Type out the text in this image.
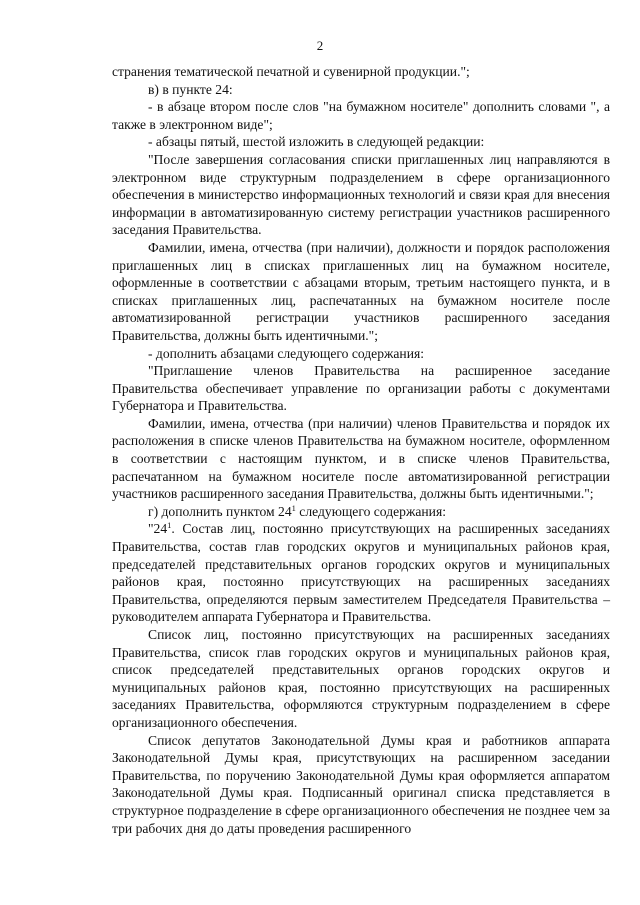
2

странения тематической печатной и сувенирной продукции.";

в) в пункте 24:

- в абзаце втором после слов "на бумажном носителе" дополнить словами ", а также в электронном виде";

- абзацы пятый, шестой изложить в следующей редакции:

"После завершения согласования списки приглашенных лиц направляются в электронном виде структурным подразделением в сфере организационного обеспечения в министерство информационных технологий и связи края для внесения информации в автоматизированную систему регистрации участников расширенного заседания Правительства.

Фамилии, имена, отчества (при наличии), должности и порядок расположения приглашенных лиц в списках приглашенных лиц на бумажном носителе, оформленные в соответствии с абзацами вторым, третьим настоящего пункта, и в списках приглашенных лиц, распечатанных на бумажном носителе после автоматизированной регистрации участников расширенного заседания Правительства, должны быть идентичными.";

- дополнить абзацами следующего содержания:

"Приглашение членов Правительства на расширенное заседание Правительства обеспечивает управление по организации работы с документами Губернатора и Правительства.

Фамилии, имена, отчества (при наличии) членов Правительства и порядок их расположения в списке членов Правительства на бумажном носителе, оформленном в соответствии с настоящим пунктом, и в списке членов Правительства, распечатанном на бумажном носителе после автоматизированной регистрации участников расширенного заседания Правительства, должны быть идентичными.";

г) дополнить пунктом $24^1$ следующего содержания:

"$24^1$. Состав лиц, постоянно присутствующих на расширенных заседаниях Правительства, состав глав городских округов и муниципальных районов края, председателей представительных органов городских округов и муниципальных районов края, постоянно присутствующих на расширенных заседаниях Правительства, определяются первым заместителем Председателя Правительства – руководителем аппарата Губернатора и Правительства.

Список лиц, постоянно присутствующих на расширенных заседаниях Правительства, список глав городских округов и муниципальных районов края, список председателей представительных органов городских округов и муниципальных районов края, постоянно присутствующих на расширенных заседаниях Правительства, оформляются структурным подразделением в сфере организационного обеспечения.

Список депутатов Законодательной Думы края и работников аппарата Законодательной Думы края, присутствующих на расширенном заседании Правительства, по поручению Законодательной Думы края оформляется аппаратом Законодательной Думы края. Подписанный оригинал списка представляется в структурное подразделение в сфере организационного обеспечения не позднее чем за три рабочих дня до даты проведения расширенного
